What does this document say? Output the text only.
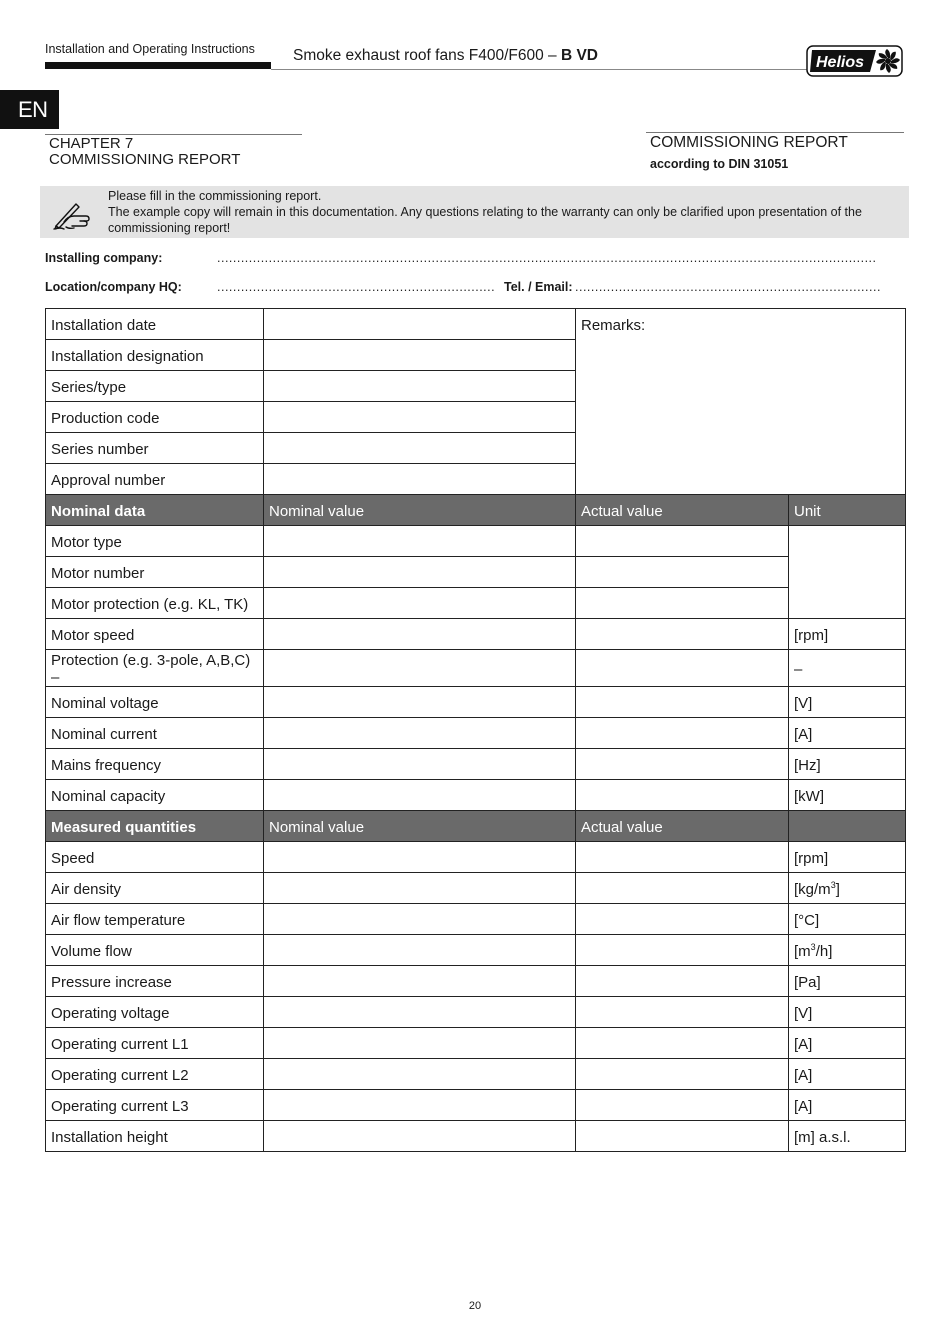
Installation and Operating Instructions Smoke exhaust roof fans F400/F600 – B VD	Helios
EN
CHAPTER 7
COMMISSIONING REPORT
COMMISSIONING REPORT
according to DIN 31051
Please fill in the commissioning report.
The example copy will remain in this documentation. Any questions relating to the warranty can only be clarified upon presentation of the commissioning report!
Installing company:	......................................................................................................................................................................
Location/company HQ:	...................................................................... Tel. / Email: .............................................................................
Installation date		Remarks:	
Installation designation			
Series/type			
Production code			
Series number			
Approval number			
Nominal data	Nominal value	Actual value	Unit
Motor type			
Motor number			
Motor protection (e.g. KL, TK)			
Motor speed			[rpm]
Protection (e.g. 3-pole, A,B,C) –			–
Nominal voltage			[V]
Nominal current			[A]
Mains frequency			[Hz]
Nominal capacity			[kW]
Measured quantities	Nominal value	Actual value	
Speed			[rpm]
Air density			$[kg/m^3]$
Air flow temperature			[°C]
Volume flow			$[m^3/h]$
Pressure increase			[Pa]
Operating voltage			[V]
Operating current L1			[A]
Operating current L2			[A]
Operating current L3			[A]
Installation height			[m] a.s.l.
20
